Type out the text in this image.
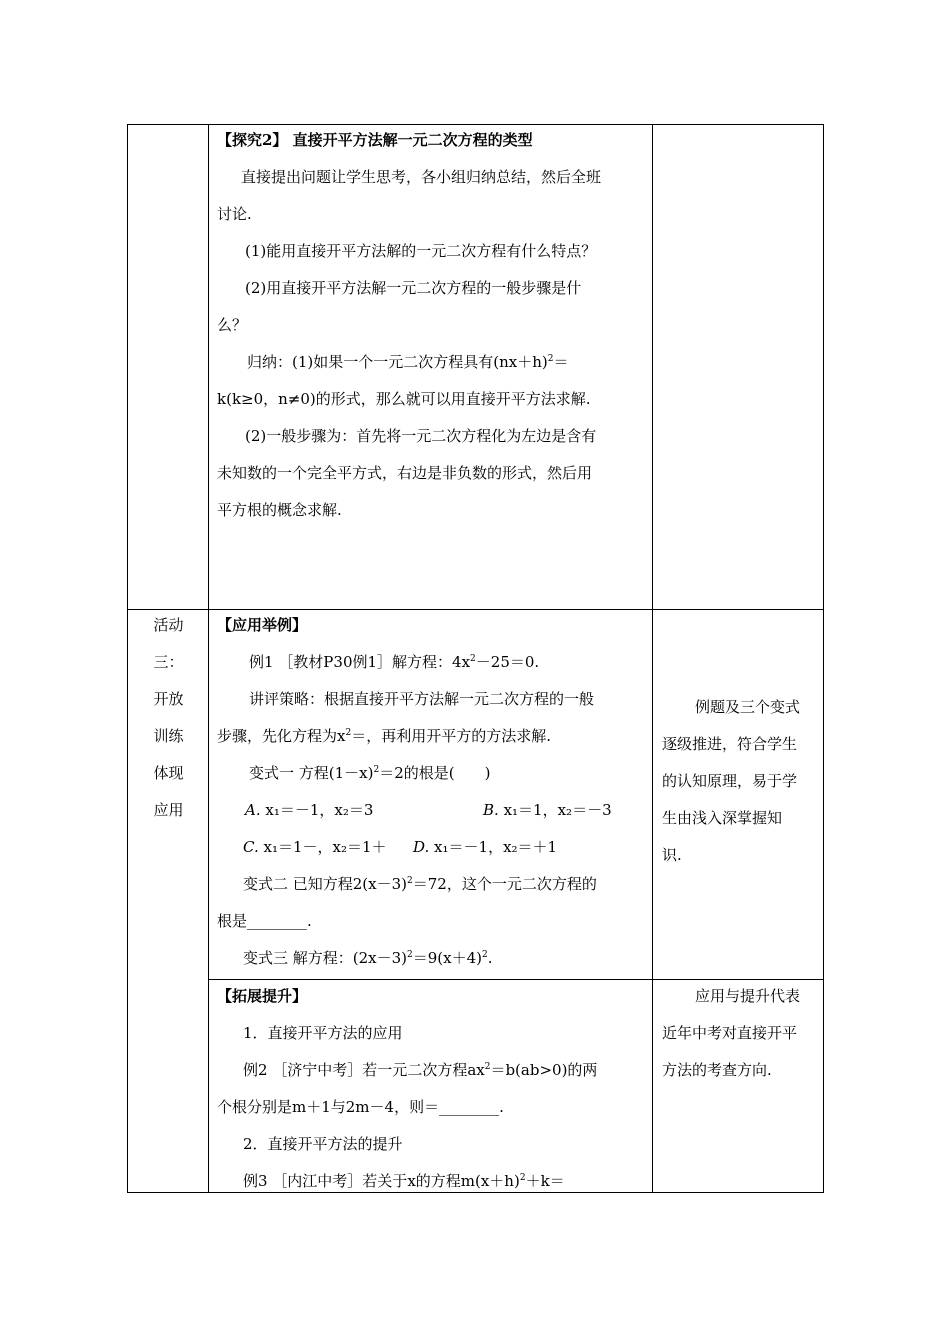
【探究2】 直接开平方法解一元二次方程的类型
直接提出问题让学生思考，各小组归纳总结，然后全班
讨论.
(1)能用直接开平方法解的一元二次方程有什么特点？
(2)用直接开平方法解一元二次方程的一般步骤是什
么？
归纳：(1)如果一个一元二次方程具有$(nx+h)^2=$
k(k≥0，n≠0)的形式，那么就可以用直接开平方法求解.
(2)一般步骤为：首先将一元二次方程化为左边是含有
未知数的一个完全平方式，右边是非负数的形式，然后用
平方根的概念求解.
活动
三：
开放
训练
体现
应用
【应用举例】
例1 ［教材P30例1］解方程：$4x^2-25=0$.
讲评策略：根据直接开平方法解一元二次方程的一般
步骤，先化方程为$x^2=$，再利用开平方的方法求解.
变式一 方程$(1-x)^2=2$的根是(　　)
A. x₁＝－1，x₂＝3	B. x₁＝1，x₂＝－3
C. x₁＝1－，x₂＝1＋ D. x₁＝－1，x₂＝＋1
变式二 已知方程$2(x-3)^2=72$，这个一元二次方程的
根是________.
变式三 解方程：$(2x-3)^2=9(x+4)^2$.
例题及三个变式
逐级推进，符合学生
的认知原理，易于学
生由浅入深掌握知
识.
【拓展提升】
1．直接开平方法的应用
例2 ［济宁中考］若一元二次方程$ax^2=b(ab>0)$的两
个根分别是m＋1与2m－4，则＝________.
2．直接开平方法的提升
例3 ［内江中考］若关于x的方程$m(x+h)^2+k=$
应用与提升代表
近年中考对直接开平
方法的考查方向.
